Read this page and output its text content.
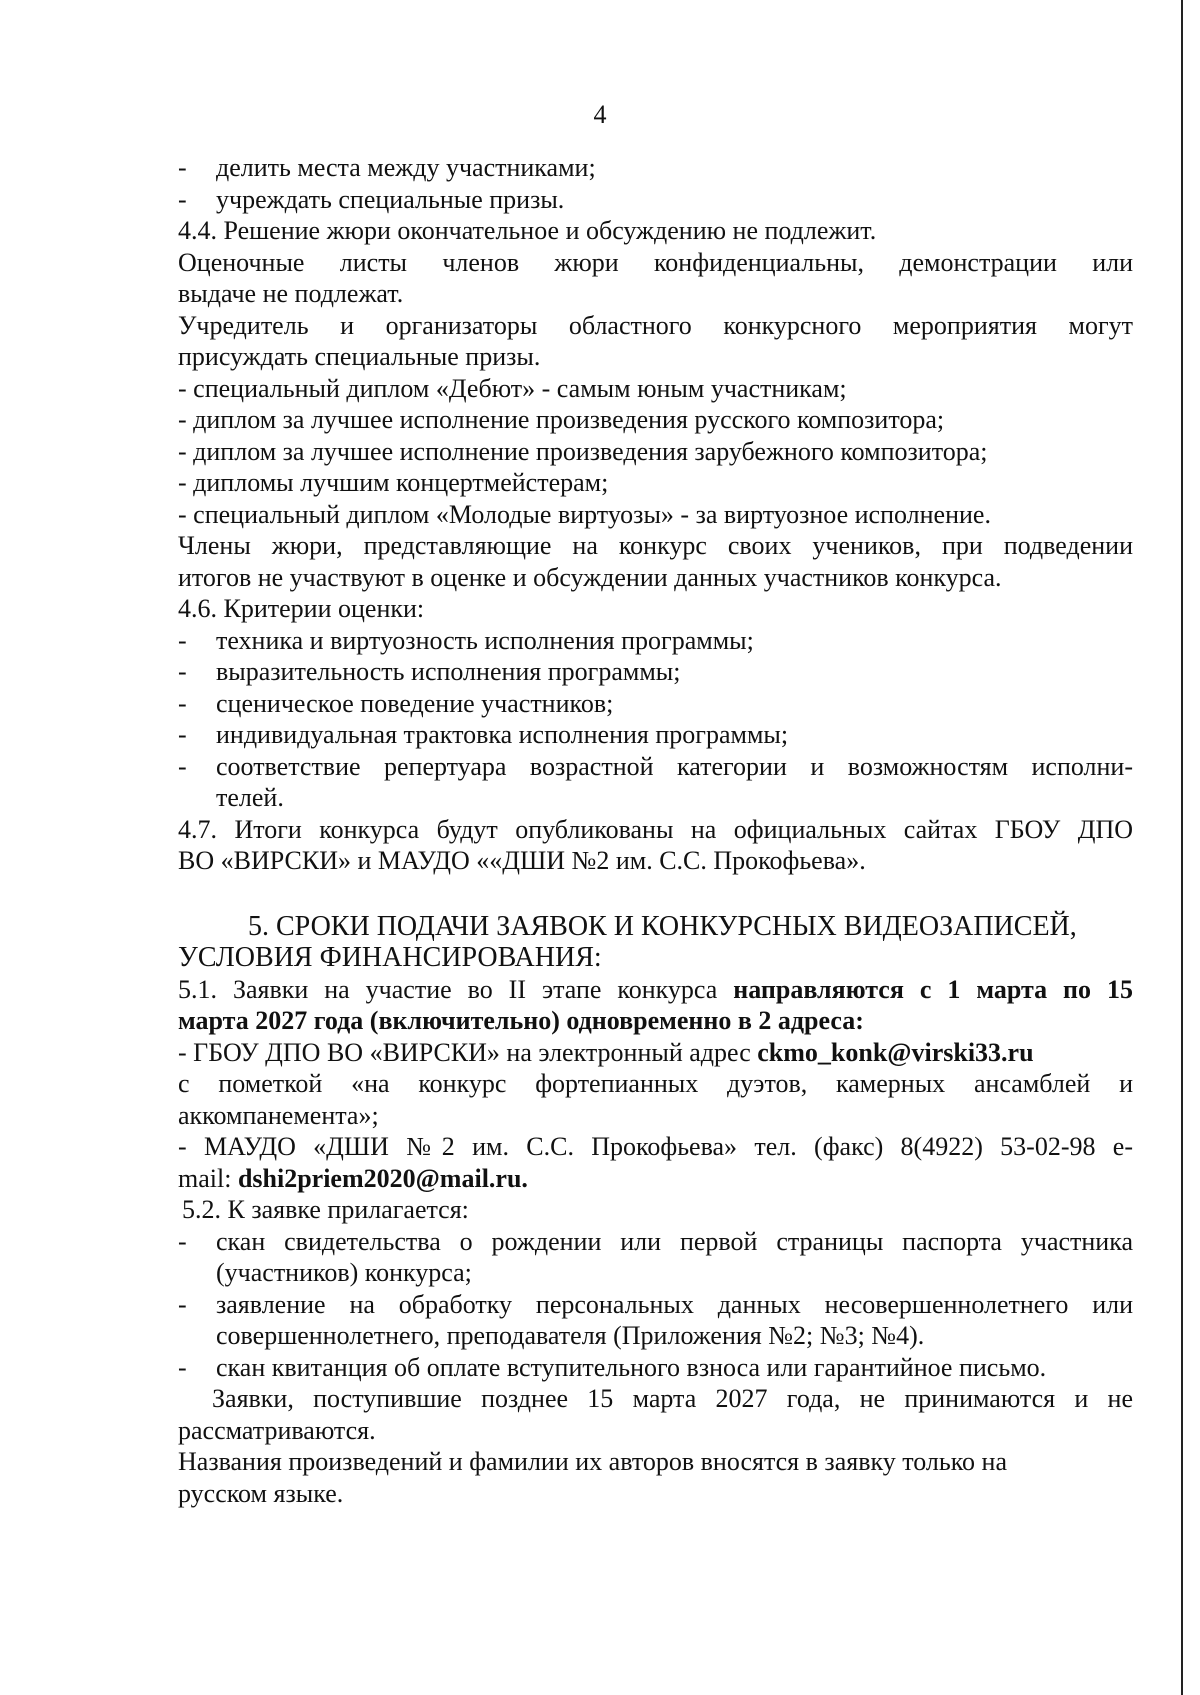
4
-	делить места между участниками;
-	учреждать специальные призы.
4.4. Решение жюри окончательное и обсуждению не подлежит.
Оценочные листы членов жюри конфиденциальны, демонстрации или
выдаче не подлежат.
Учредитель и организаторы областного конкурсного мероприятия могут
присуждать специальные призы.
- специальный диплом «Дебют» - самым юным участникам;
- диплом за лучшее исполнение произведения русского композитора;
- диплом за лучшее исполнение произведения зарубежного композитора;
- дипломы лучшим концертмейстерам;
- специальный диплом «Молодые виртуозы» - за виртуозное исполнение.
Члены жюри, представляющие на конкурс своих учеников, при подведении
итогов не участвуют в оценке и обсуждении данных участников конкурса.
4.6. Критерии оценки:
-	техника и виртуозность исполнения программы;
-	выразительность исполнения программы;
-	сценическое поведение участников;
-	индивидуальная трактовка исполнения программы;
-	соответствие репертуара возрастной категории и возможностям исполни-
телей.
4.7. Итоги конкурса будут опубликованы на официальных сайтах ГБОУ ДПО
ВО «ВИРСКИ» и МАУДО ««ДШИ №2 им. С.С. Прокофьева».
5. СРОКИ ПОДАЧИ ЗАЯВОК И КОНКУРСНЫХ ВИДЕОЗАПИСЕЙ,
УСЛОВИЯ ФИНАНСИРОВАНИЯ:
5.1. Заявки на участие во II этапе конкурса направляются с 1 марта по 15
марта 2027 года (включительно) одновременно в 2 адреса:
- ГБОУ ДПО ВО «ВИРСКИ» на электронный адрес ckmo_konk@virski33.ru
с пометкой «на конкурс фортепианных дуэтов, камерных ансамблей и
аккомпанемента»;
- МАУДО «ДШИ №2 им. С.С. Прокофьева» тел. (факс) 8(4922) 53-02-98 е-
mail: dshi2priem2020@mail.ru.
5.2. К заявке прилагается:
-	скан свидетельства о рождении или первой страницы паспорта участника
(участников) конкурса;
-	заявление на обработку персональных данных несовершеннолетнего или
совершеннолетнего, преподавателя (Приложения №2; №3; №4).
-	скан квитанция об оплате вступительного взноса или гарантийное письмо.
Заявки, поступившие позднее 15 марта 2027 года, не принимаются и не
рассматриваются.
Названия произведений и фамилии их авторов вносятся в заявку только на
русском языке.
